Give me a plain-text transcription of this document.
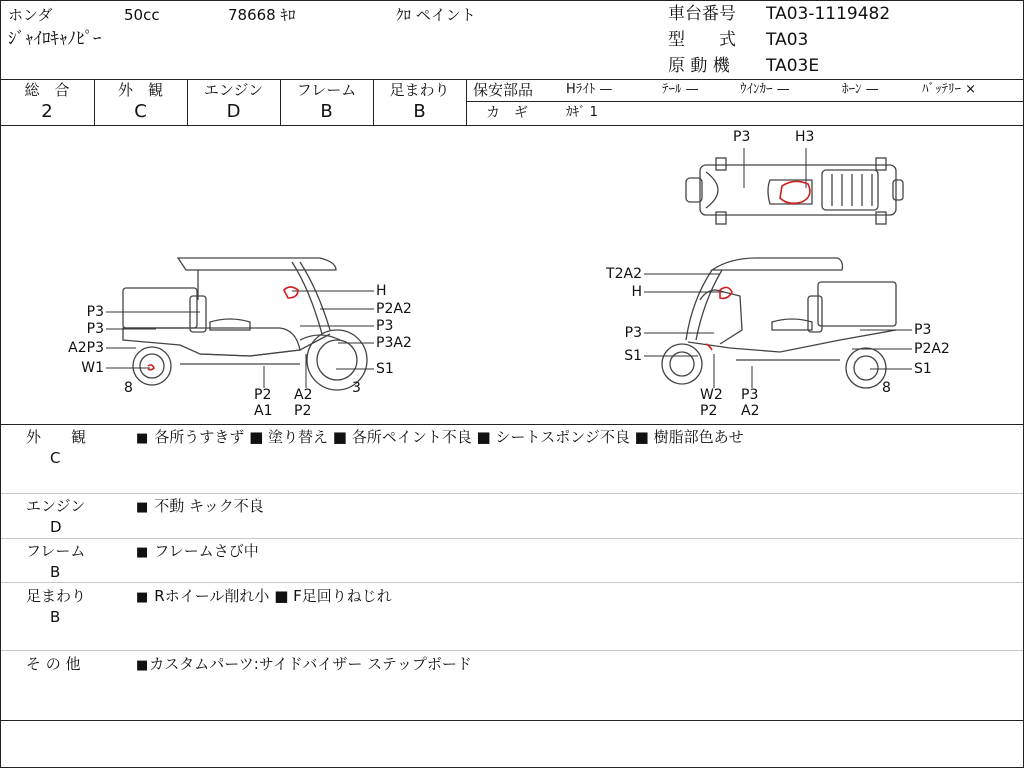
ホンダ	50cc	78668 ｷﾛ	ｸﾛ ペイント
ｼﾞｬｲﾛｷｬﾉﾋﾟｰ
車台番号 TA03-1119482
型　　式 TA03
原 動 機 TA03E
総　合
2
外　観
C
エンジン
D
フレーム
B
足まわり
B
保安部品	Hﾗｲﾄ —	ﾃｰﾙ —	ｳｲﾝｶｰ —	ﾎｰﾝ —	ﾊﾞｯﾃﾘｰ ×
カ　ギ	ｶｷﾞ 1
P3	H3
P3
P3
A2P3
W1
H
P2A2
P3
P3A2
S1
8	P2
A1
A2
P2
3
T2A2
H
P3
S1
P3
P2A2
S1
W2
P2
P3
A2
8
外　　観
C
■ 各所うすきず ■ 塗り替え ■ 各所ペイント不良 ■ シートスポンジ不良 ■ 樹脂部色あせ
エンジン
D
■ 不動 キック不良
フレーム
B
■ フレームさび中
足まわり
B
■ Rホイール削れ小 ■ F足回りねじれ
そ の 他	■カスタムパーツ:サイドバイザー ステップボード
